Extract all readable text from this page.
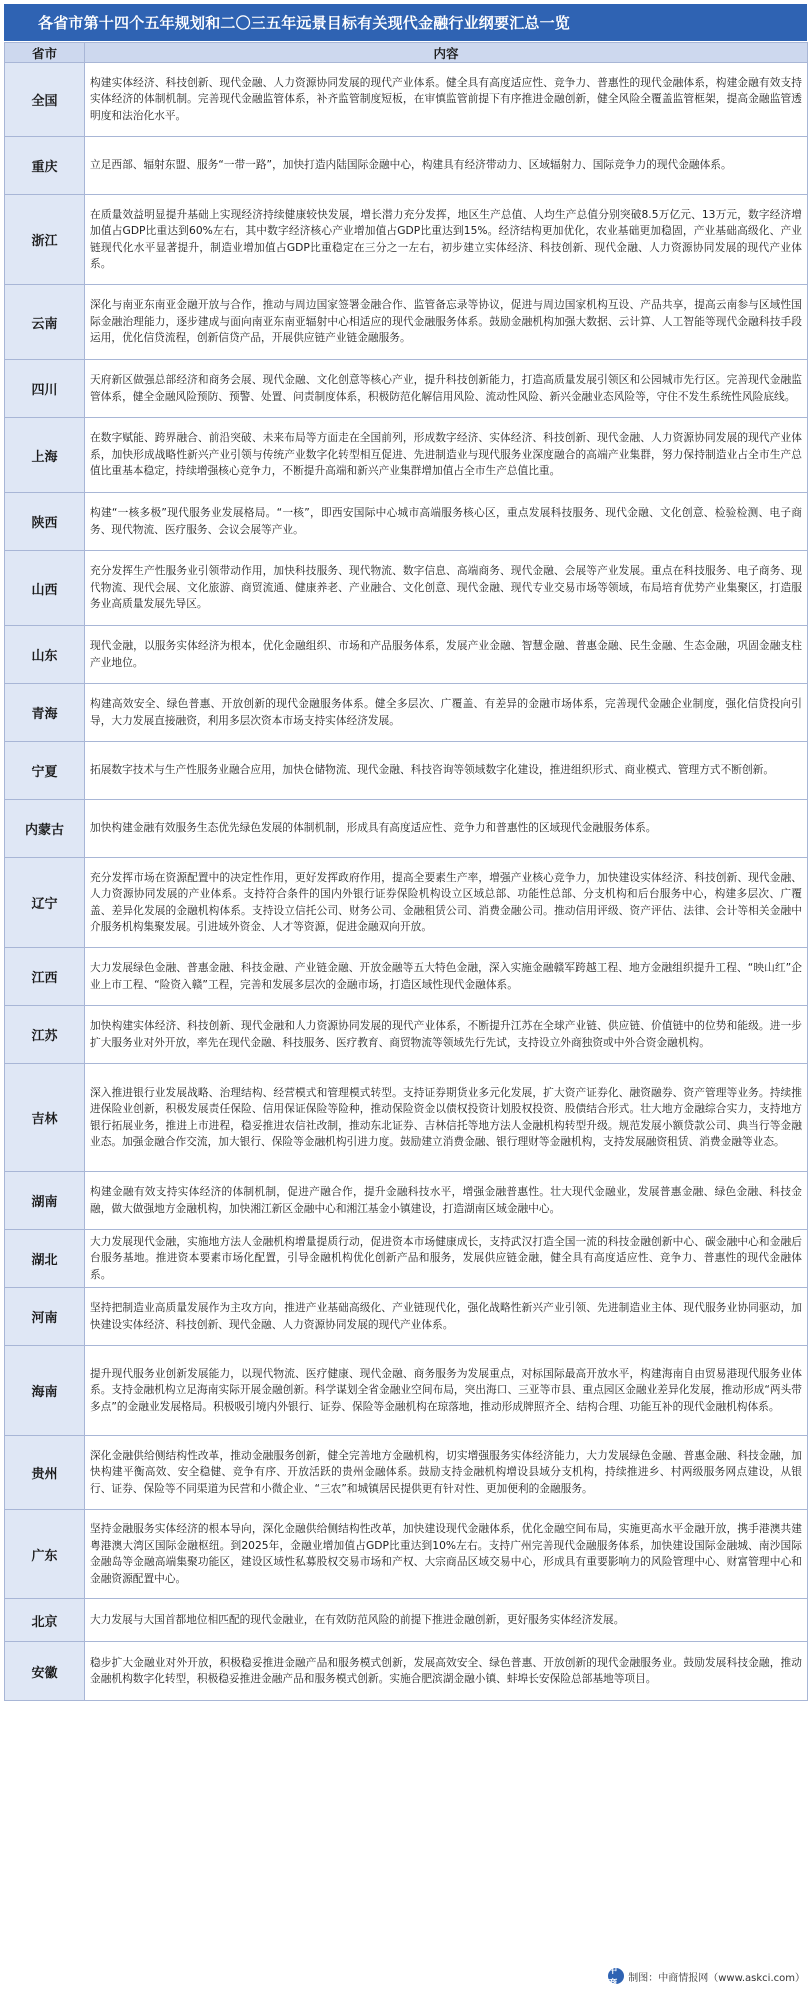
各省市第十四个五年规划和二〇三五年远景目标有关现代金融行业纲要汇总一览
省市	内容
全国	构建实体经济、科技创新、现代金融、人力资源协同发展的现代产业体系。健全具有高度适应性、竞争力、普惠性的现代金融体系，构建金融有效支持实体经济的体制机制。完善现代金融监管体系，补齐监管制度短板，在审慎监管前提下有序推进金融创新，健全风险全覆盖监管框架，提高金融监管透明度和法治化水平。
重庆	立足西部、辐射东盟、服务“一带一路”，加快打造内陆国际金融中心，构建具有经济带动力、区域辐射力、国际竞争力的现代金融体系。
浙江	在质量效益明显提升基础上实现经济持续健康较快发展，增长潜力充分发挥，地区生产总值、人均生产总值分别突破8.5万亿元、13万元，数字经济增加值占GDP比重达到60%左右，其中数字经济核心产业增加值占GDP比重达到15%。经济结构更加优化，农业基础更加稳固，产业基础高级化、产业链现代化水平显著提升，制造业增加值占GDP比重稳定在三分之一左右，初步建立实体经济、科技创新、现代金融、人力资源协同发展的现代产业体系。
云南	深化与南亚东南亚金融开放与合作，推动与周边国家签署金融合作、监管备忘录等协议，促进与周边国家机构互设、产品共享，提高云南参与区域性国际金融治理能力，逐步建成与面向南亚东南亚辐射中心相适应的现代金融服务体系。鼓励金融机构加强大数据、云计算、人工智能等现代金融科技手段运用，优化信贷流程，创新信贷产品，开展供应链产业链金融服务。
四川	天府新区做强总部经济和商务会展、现代金融、文化创意等核心产业，提升科技创新能力，打造高质量发展引领区和公园城市先行区。完善现代金融监管体系，健全金融风险预防、预警、处置、问责制度体系，积极防范化解信用风险、流动性风险、新兴金融业态风险等，守住不发生系统性风险底线。
上海	在数字赋能、跨界融合、前沿突破、未来布局等方面走在全国前列，形成数字经济、实体经济、科技创新、现代金融、人力资源协同发展的现代产业体系，加快形成战略性新兴产业引领与传统产业数字化转型相互促进、先进制造业与现代服务业深度融合的高端产业集群，努力保持制造业占全市生产总值比重基本稳定，持续增强核心竞争力，不断提升高端和新兴产业集群增加值占全市生产总值比重。
陕西	构建“一核多极”现代服务业发展格局。“一核”，即西安国际中心城市高端服务核心区，重点发展科技服务、现代金融、文化创意、检验检测、电子商务、现代物流、医疗服务、会议会展等产业。
山西	充分发挥生产性服务业引领带动作用，加快科技服务、现代物流、数字信息、高端商务、现代金融、会展等产业发展。重点在科技服务、电子商务、现代物流、现代会展、文化旅游、商贸流通、健康养老、产业融合、文化创意、现代金融、现代专业交易市场等领域，布局培育优势产业集聚区，打造服务业高质量发展先导区。
山东	现代金融，以服务实体经济为根本，优化金融组织、市场和产品服务体系，发展产业金融、智慧金融、普惠金融、民生金融、生态金融，巩固金融支柱产业地位。
青海	构建高效安全、绿色普惠、开放创新的现代金融服务体系。健全多层次、广覆盖、有差异的金融市场体系，完善现代金融企业制度，强化信贷投向引导，大力发展直接融资，利用多层次资本市场支持实体经济发展。
宁夏	拓展数字技术与生产性服务业融合应用，加快仓储物流、现代金融、科技咨询等领域数字化建设，推进组织形式、商业模式、管理方式不断创新。
内蒙古	加快构建金融有效服务生态优先绿色发展的体制机制，形成具有高度适应性、竞争力和普惠性的区域现代金融服务体系。
辽宁	充分发挥市场在资源配置中的决定性作用，更好发挥政府作用，提高全要素生产率，增强产业核心竞争力，加快建设实体经济、科技创新、现代金融、人力资源协同发展的产业体系。支持符合条件的国内外银行证券保险机构设立区域总部、功能性总部、分支机构和后台服务中心，构建多层次、广覆盖、差异化发展的金融机构体系。支持设立信托公司、财务公司、金融租赁公司、消费金融公司。推动信用评级、资产评估、法律、会计等相关金融中介服务机构集聚发展。引进域外资金、人才等资源，促进金融双向开放。
江西	大力发展绿色金融、普惠金融、科技金融、产业链金融、开放金融等五大特色金融，深入实施金融赣军跨越工程、地方金融组织提升工程、“映山红”企业上市工程、“险资入赣”工程，完善和发展多层次的金融市场，打造区域性现代金融体系。
江苏	加快构建实体经济、科技创新、现代金融和人力资源协同发展的现代产业体系，不断提升江苏在全球产业链、供应链、价值链中的位势和能级。进一步扩大服务业对外开放，率先在现代金融、科技服务、医疗教育、商贸物流等领域先行先试，支持设立外商独资或中外合资金融机构。
吉林	深入推进银行业发展战略、治理结构、经营模式和管理模式转型。支持证券期货业多元化发展，扩大资产证券化、融资融券、资产管理等业务。持续推进保险业创新，积极发展责任保险、信用保证保险等险种，推动保险资金以债权投资计划股权投资、股债结合形式。壮大地方金融综合实力，支持地方银行拓展业务，推进上市进程，稳妥推进农信社改制，推动东北证券、吉林信托等地方法人金融机构转型升级。规范发展小额贷款公司、典当行等金融业态。加强金融合作交流，加大银行、保险等金融机构引进力度。鼓励建立消费金融、银行理财等金融机构，支持发展融资租赁、消费金融等业态。
湖南	构建金融有效支持实体经济的体制机制，促进产融合作，提升金融科技水平，增强金融普惠性。壮大现代金融业，发展普惠金融、绿色金融、科技金融，做大做强地方金融机构，加快湘江新区金融中心和湘江基金小镇建设，打造湖南区域金融中心。
湖北	大力发展现代金融，实施地方法人金融机构增量提质行动，促进资本市场健康成长，支持武汉打造全国一流的科技金融创新中心、碳金融中心和金融后台服务基地。推进资本要素市场化配置，引导金融机构优化创新产品和服务，发展供应链金融，健全具有高度适应性、竞争力、普惠性的现代金融体系。
河南	坚持把制造业高质量发展作为主攻方向，推进产业基础高级化、产业链现代化，强化战略性新兴产业引领、先进制造业主体、现代服务业协同驱动，加快建设实体经济、科技创新、现代金融、人力资源协同发展的现代产业体系。
海南	提升现代服务业创新发展能力，以现代物流、医疗健康、现代金融、商务服务为发展重点，对标国际最高开放水平，构建海南自由贸易港现代服务业体系。支持金融机构立足海南实际开展金融创新。科学谋划全省金融业空间布局，突出海口、三亚等市县、重点园区金融业差异化发展，推动形成“两头带多点”的金融业发展格局。积极吸引境内外银行、证券、保险等金融机构在琼落地，推动形成牌照齐全、结构合理、功能互补的现代金融机构体系。
贵州	深化金融供给侧结构性改革，推动金融服务创新，健全完善地方金融机构，切实增强服务实体经济能力，大力发展绿色金融、普惠金融、科技金融，加快构建平衡高效、安全稳健、竞争有序、开放活跃的贵州金融体系。鼓励支持金融机构增设县域分支机构，持续推进乡、村两级服务网点建设，从银行、证券、保险等不同渠道为民营和小微企业、“三农”和城镇居民提供更有针对性、更加便利的金融服务。
广东	坚持金融服务实体经济的根本导向，深化金融供给侧结构性改革，加快建设现代金融体系，优化金融空间布局，实施更高水平金融开放，携手港澳共建粤港澳大湾区国际金融枢纽。到2025年，金融业增加值占GDP比重达到10%左右。支持广州完善现代金融服务体系，加快建设国际金融城、南沙国际金融岛等金融高端集聚功能区，建设区域性私募股权交易市场和产权、大宗商品区域交易中心，形成具有重要影响力的风险管理中心、财富管理中心和金融资源配置中心。
北京	大力发展与大国首都地位相匹配的现代金融业，在有效防范风险的前提下推进金融创新，更好服务实体经济发展。
安徽	稳步扩大金融业对外开放，积极稳妥推进金融产品和服务模式创新，发展高效安全、绿色普惠、开放创新的现代金融服务业。鼓励发展科技金融，推动金融机构数字化转型，积极稳妥推进金融产品和服务模式创新。实施合肥滨湖金融小镇、蚌埠长安保险总部基地等项目。
中商
制图：中商情报网（www.askci.com）
